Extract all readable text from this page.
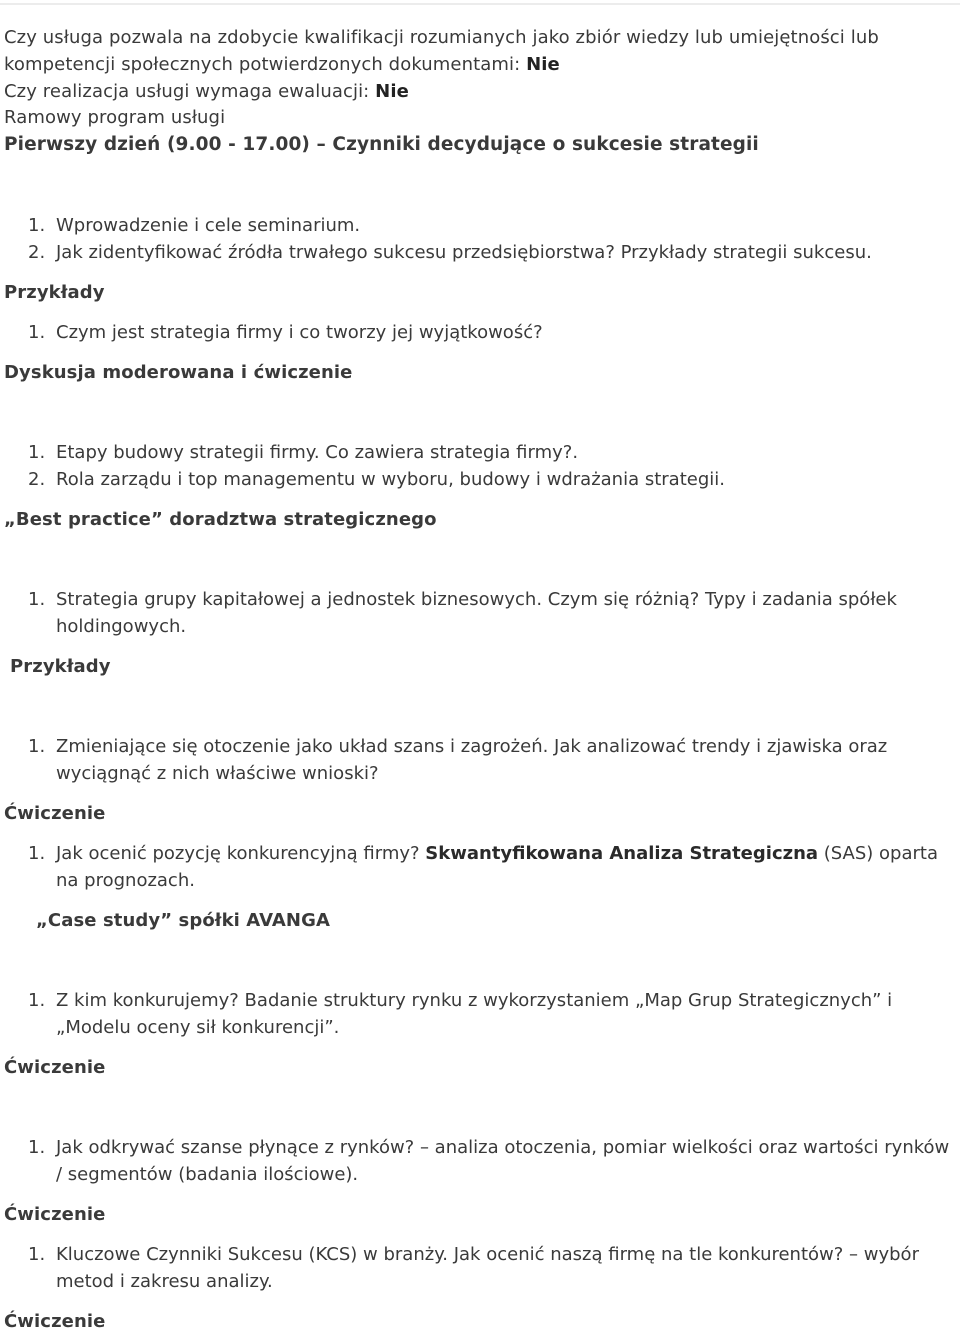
Czy usługa pozwala na zdobycie kwalifikacji rozumianych jako zbiór wiedzy lub umiejętności lub
kompetencji społecznych potwierdzonych dokumentami: Nie
Czy realizacja usługi wymaga ewaluacji: Nie
Ramowy program usługi
Pierwszy dzień (9.00 - 17.00) – Czynniki decydujące o sukcesie strategii
1. Wprowadzenie i cele seminarium.
2. Jak zidentyfikować źródła trwałego sukcesu przedsiębiorstwa? Przykłady strategii sukcesu.
Przykłady
1. Czym jest strategia firmy i co tworzy jej wyjątkowość?
Dyskusja moderowana i ćwiczenie
1. Etapy budowy strategii firmy. Co zawiera strategia firmy?.
2. Rola zarządu i top managementu w wyboru, budowy i wdrażania strategii.
„Best practice” doradztwa strategicznego
1. Strategia grupy kapitałowej a jednostek biznesowych. Czym się różnią? Typy i zadania spółek
holdingowych.
Przykłady
1. Zmieniające się otoczenie jako układ szans i zagrożeń. Jak analizować trendy i zjawiska oraz
wyciągnąć z nich właściwe wnioski?
Ćwiczenie
1. Jak ocenić pozycję konkurencyjną firmy? Skwantyfikowana Analiza Strategiczna (SAS) oparta
na prognozach.
„Case study” spółki AVANGA
1. Z kim konkurujemy? Badanie struktury rynku z wykorzystaniem „Map Grup Strategicznych” i
„Modelu oceny sił konkurencji”.
Ćwiczenie
1. Jak odkrywać szanse płynące z rynków? – analiza otoczenia, pomiar wielkości oraz wartości rynków
/ segmentów (badania ilościowe).
Ćwiczenie
1. Kluczowe Czynniki Sukcesu (KCS) w branży. Jak ocenić naszą firmę na tle konkurentów? – wybór
metod i zakresu analizy.
Ćwiczenie
